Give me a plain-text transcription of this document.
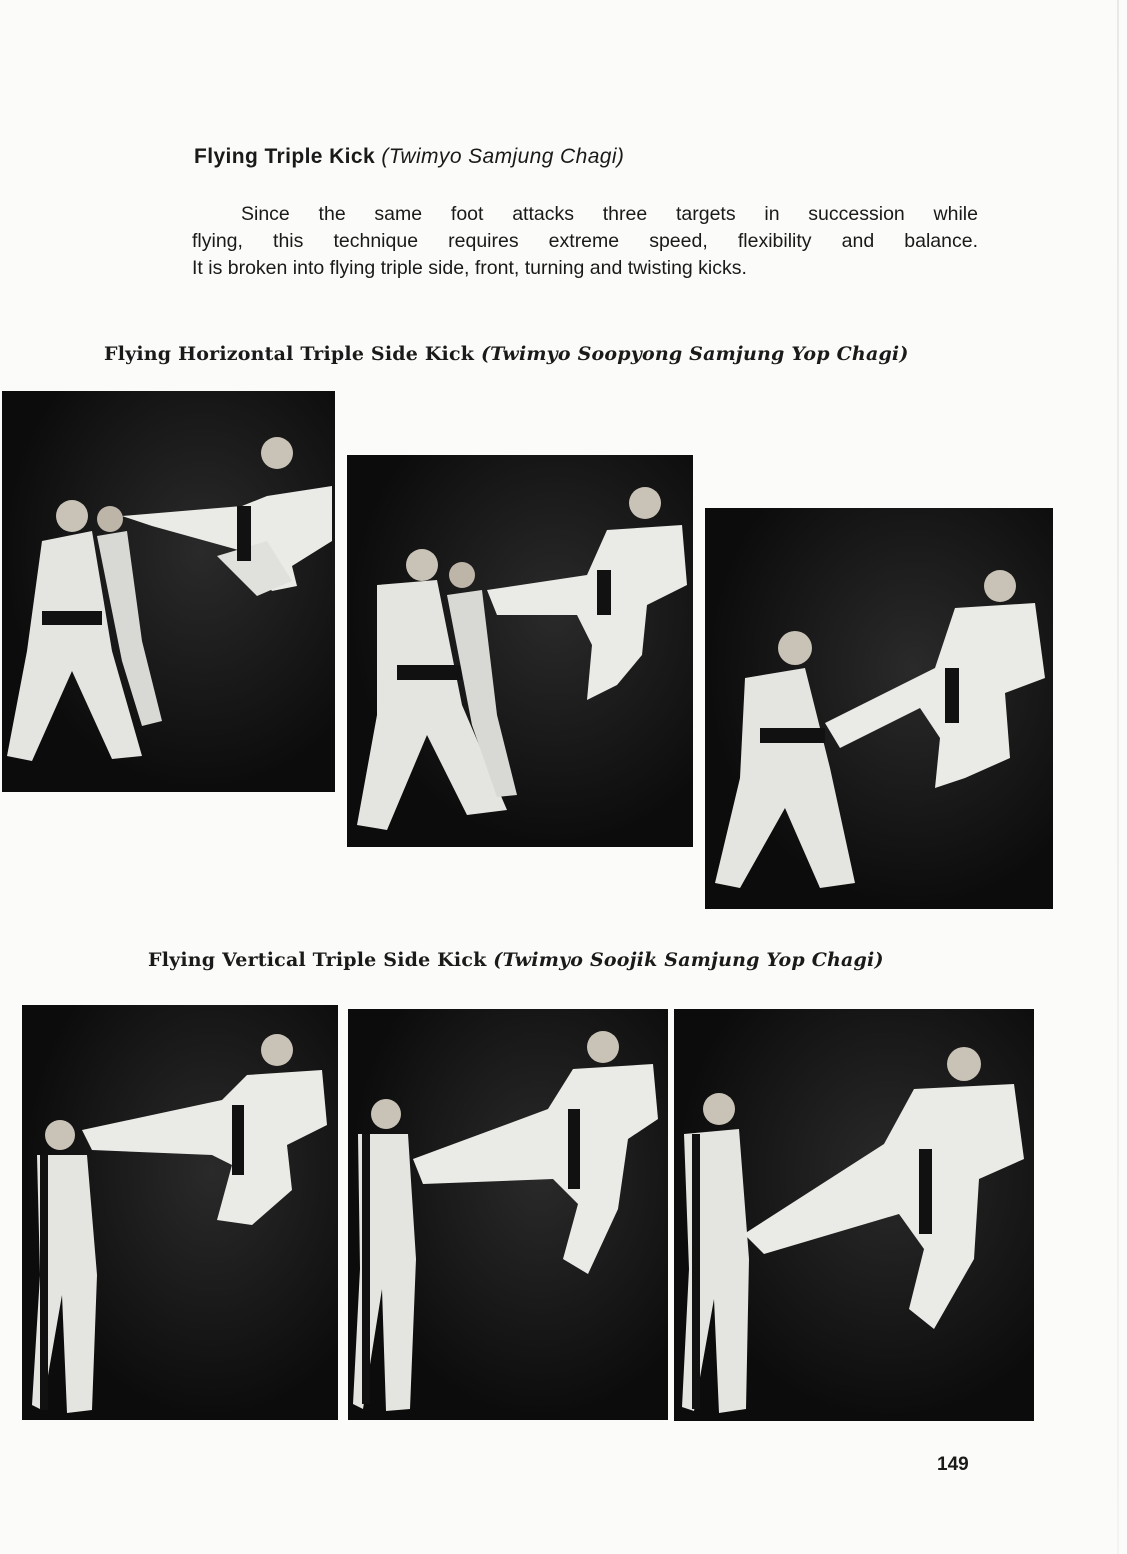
Flying Triple Kick (Twimyo Samjung Chagi)

Since the same foot attacks three targets in succession while
flying, this technique requires extreme speed, flexibility and balance.
It is broken into flying triple side, front, turning and twisting kicks.

Flying Horizontal Triple Side Kick (Twimyo Soopyong Samjung Yop Chagi)
Flying Vertical Triple Side Kick (Twimyo Soojik Samjung Yop Chagi)
149
